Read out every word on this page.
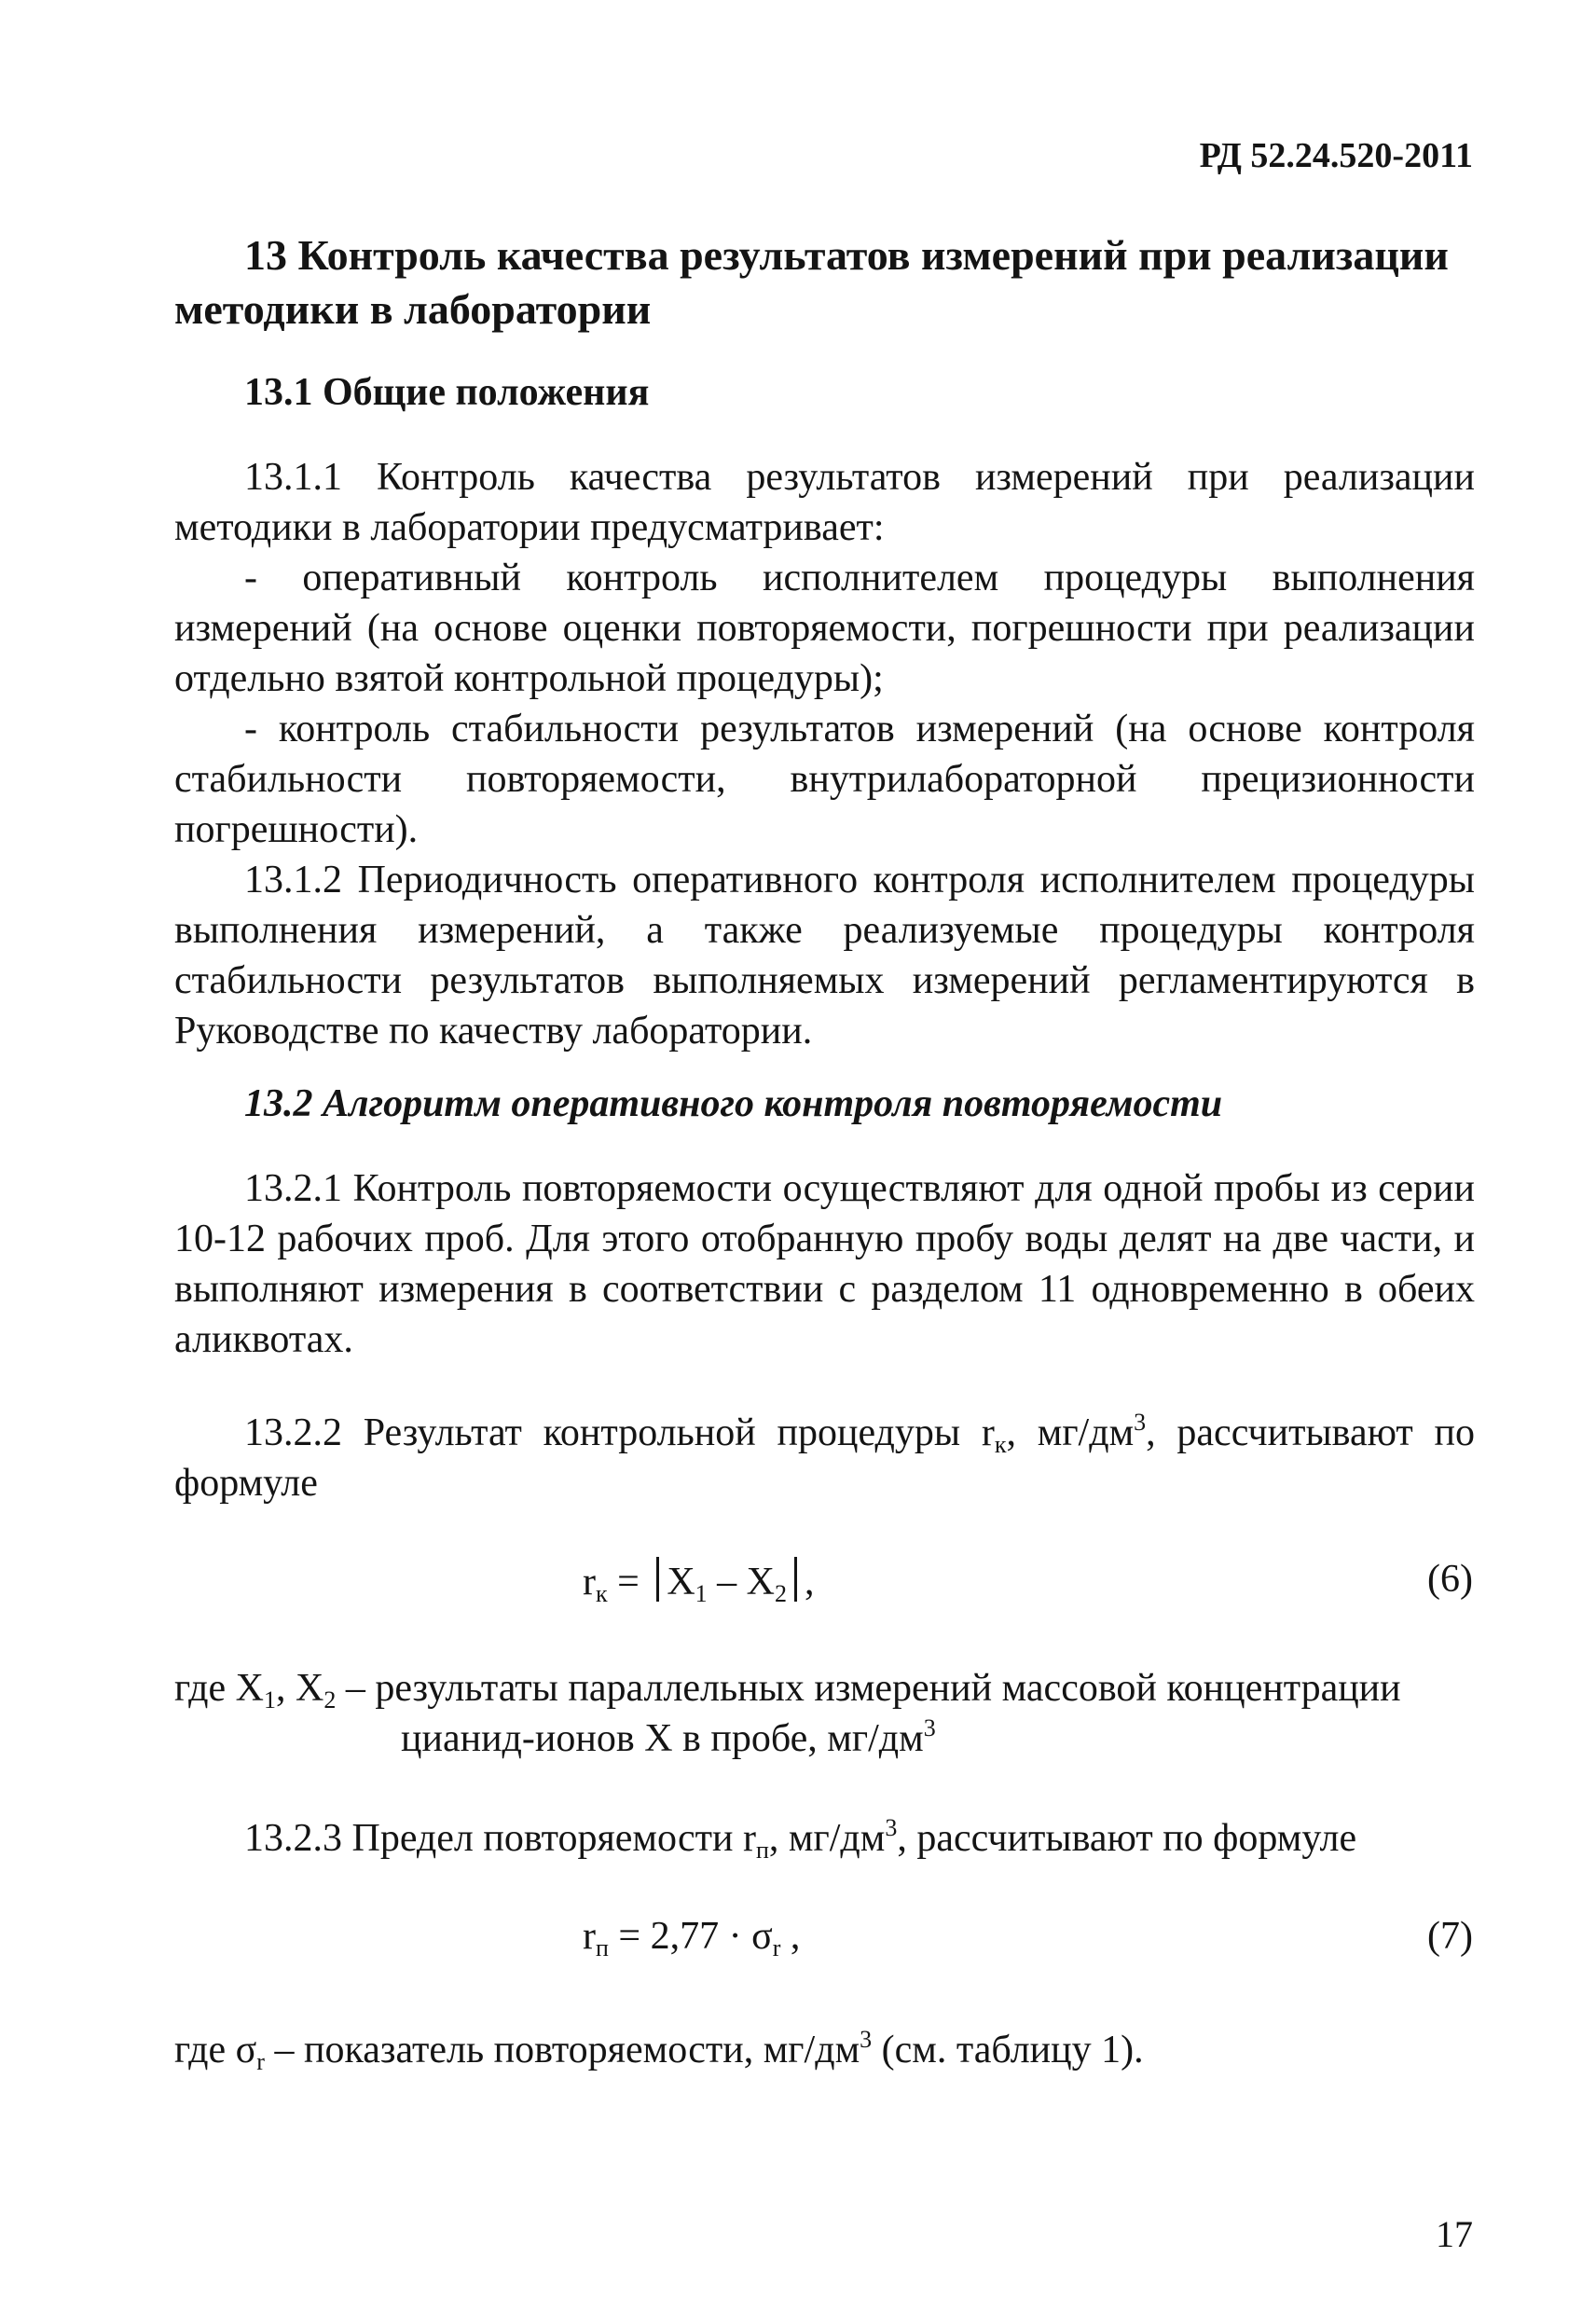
РД 52.24.520-2011
13 Контроль качества результатов измерений при реализации
методики в лаборатории
13.1 Общие положения

13.1.1 Контроль качества результатов измерений при реализации методики в лаборатории предусматривает:

- оперативный контроль исполнителем процедуры выполнения измерений (на основе оценки повторяемости, погрешности при реализации отдельно взятой контрольной процедуры);

- контроль стабильности результатов измерений (на основе контроля стабильности повторяемости, внутрилабораторной прецизионности погрешности).

13.1.2 Периодичность оперативного контроля исполнителем процедуры выполнения измерений, а также реализуемые процедуры контроля стабильности результатов выполняемых измерений регламентируются в Руководстве по качеству лаборатории.

13.2 Алгоритм оперативного контроля повторяемости

13.2.1 Контроль повторяемости осуществляют для одной пробы из серии 10-12 рабочих проб. Для этого отобранную пробу воды делят на две части, и выполняют измерения в соответствии с разделом 11 одновременно в обеих аликвотах.

13.2.2 Результат контрольной процедуры $r_к$, $мг/дм^3$, рассчитывают по формуле

$r_к = X_1 - X_2$ ,	(6)
где $X_1$, $X_2$ – результаты параллельных измерений массовой концентрации
цианид-ионов X в пробе, $мг/дм^3$
13.2.3 Предел повторяемости $r_п$, $мг/дм^3$, рассчитывают по формуле
$r_п = 2,77 \cdot \sigma_r$ ,	(7)
где $\sigma_r$ – показатель повторяемости, $мг/дм^3$ (см. таблицу 1).
17
